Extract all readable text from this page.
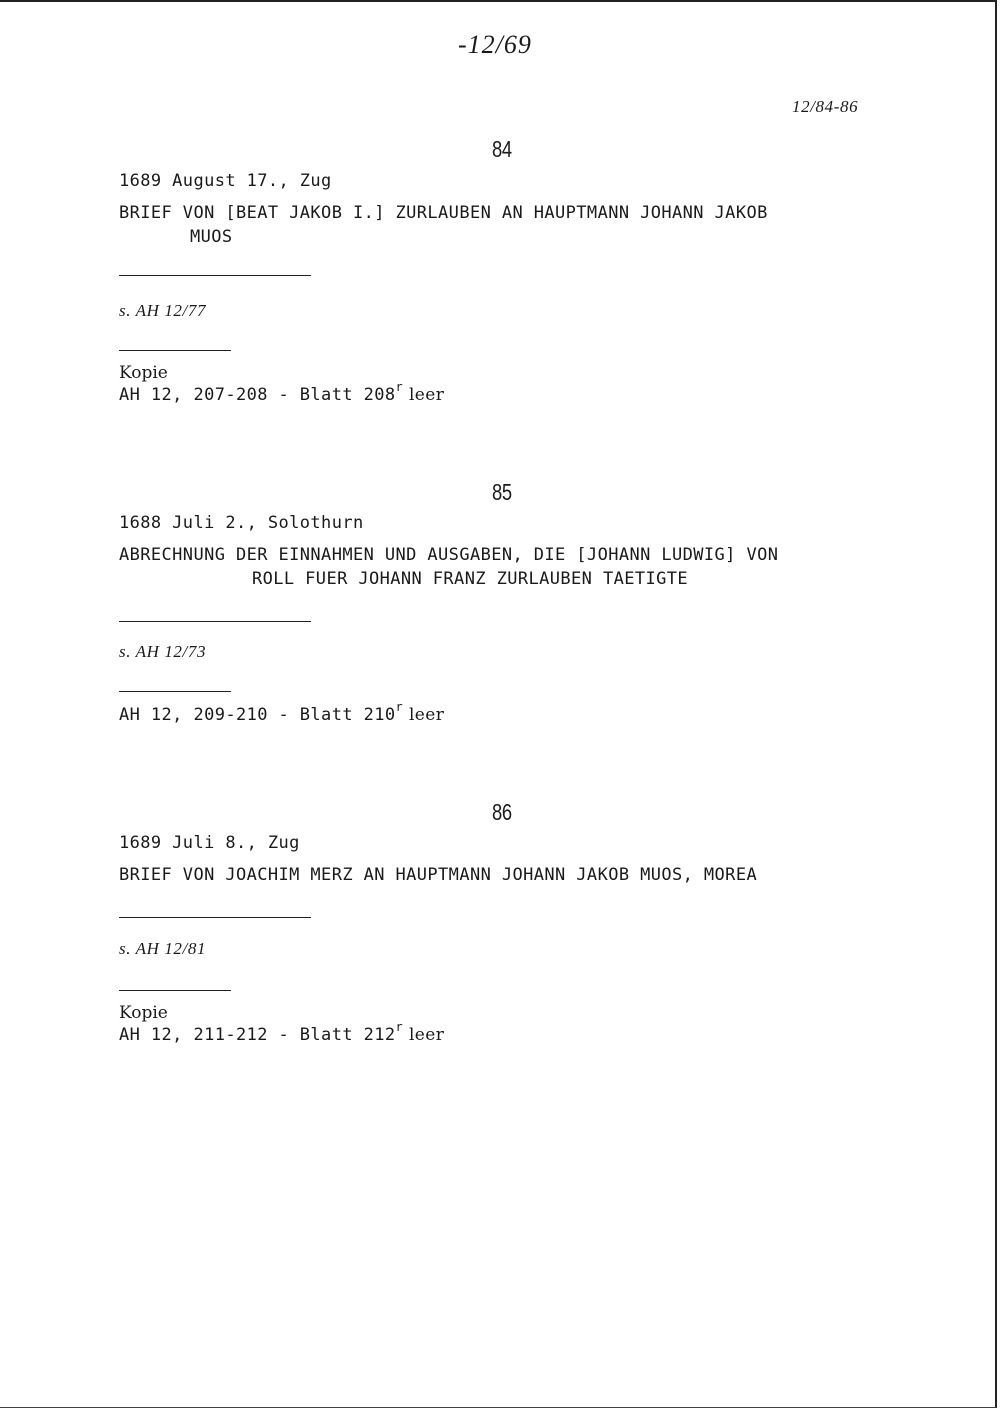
-12/69
12/84-86
84
1689 August 17., Zug
BRIEF VON [BEAT JAKOB I.] ZURLAUBEN AN HAUPTMANN JOHANN JAKOB
MUOS
s. AH 12/77
Kopie
AH 12, 207-208 - Blatt 208$^r$ leer
85
1688 Juli 2., Solothurn
ABRECHNUNG DER EINNAHMEN UND AUSGABEN, DIE [JOHANN LUDWIG] VON
ROLL FUER JOHANN FRANZ ZURLAUBEN TAETIGTE
s. AH 12/73
AH 12, 209-210 - Blatt 210$^r$ leer
86
1689 Juli 8., Zug
BRIEF VON JOACHIM MERZ AN HAUPTMANN JOHANN JAKOB MUOS, MOREA
s. AH 12/81
Kopie
AH 12, 211-212 - Blatt 212$^r$ leer
